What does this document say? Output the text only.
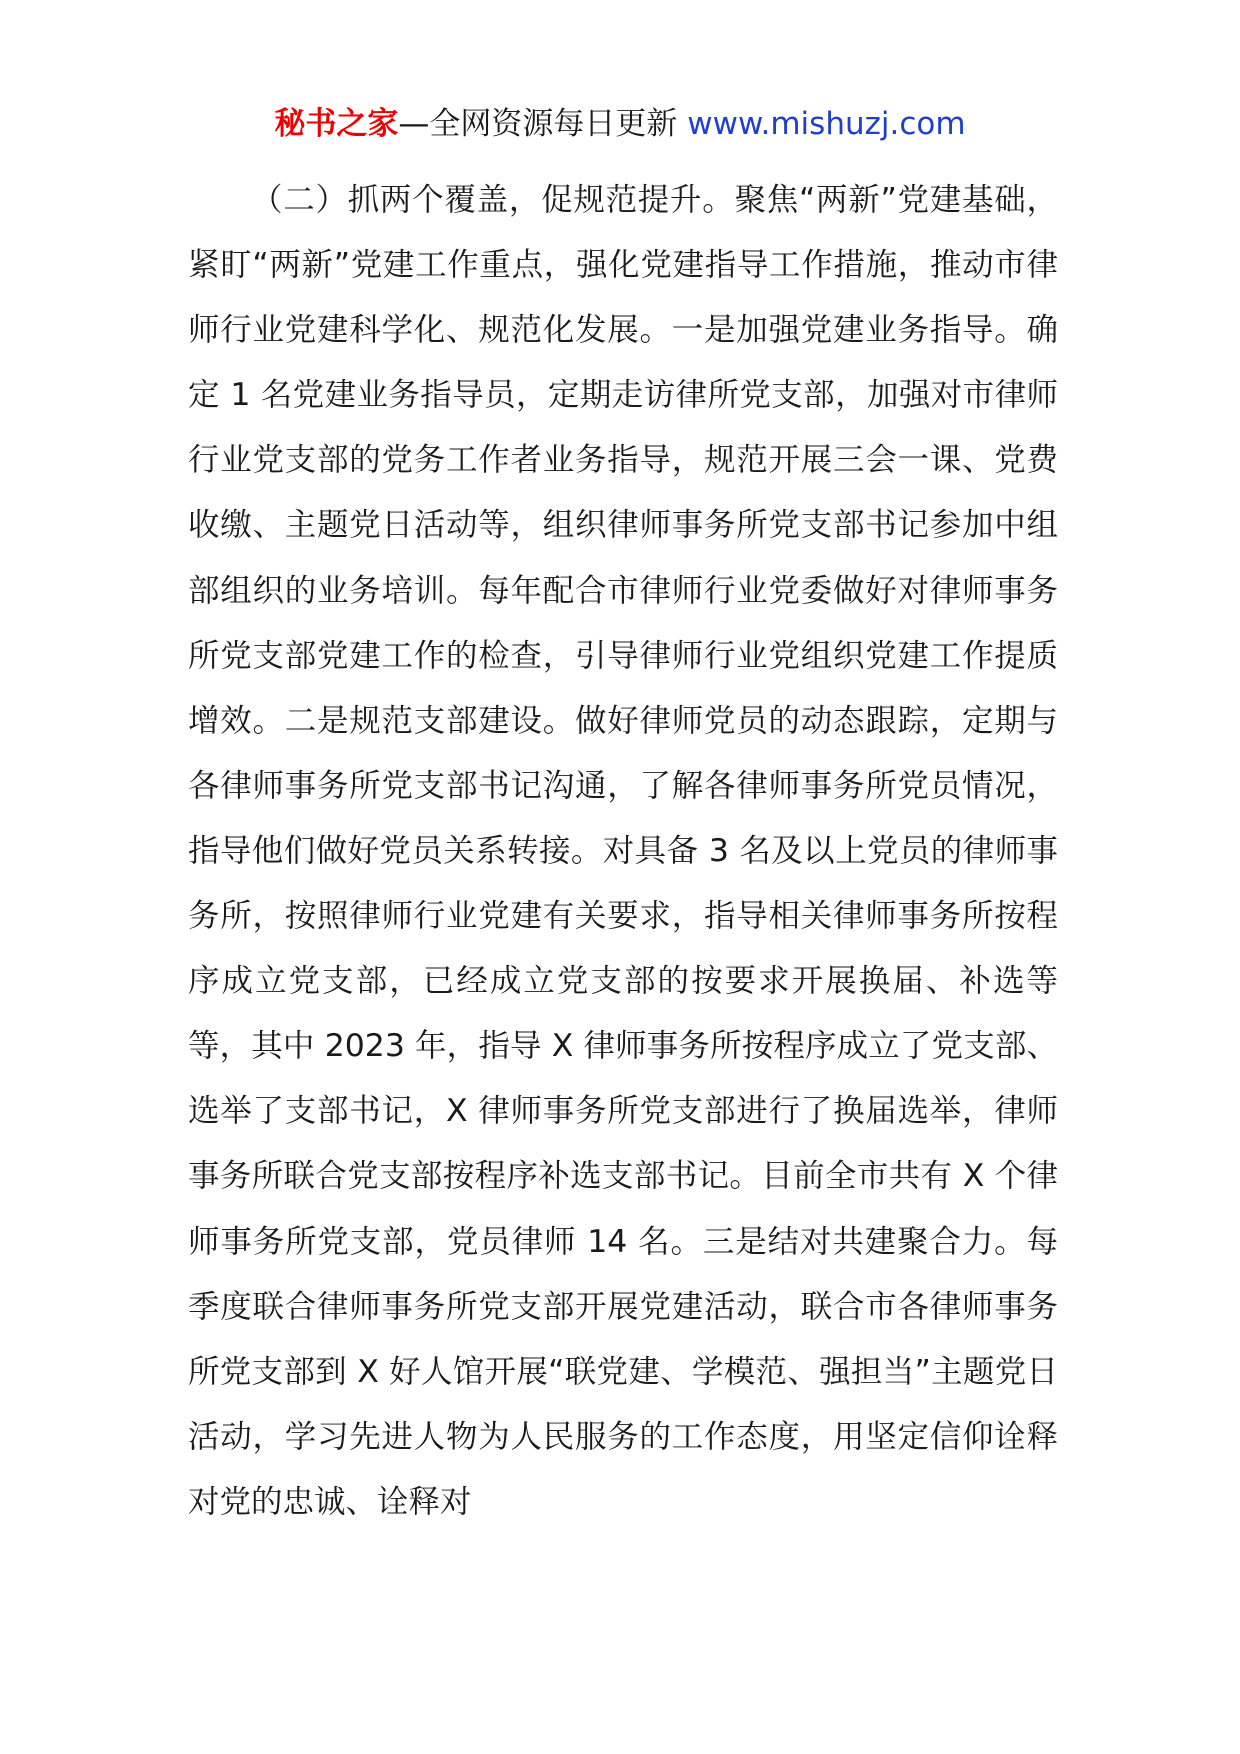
秘书之家—全网资源每日更新 www.mishuzj.com

（二）抓两个覆盖，促规范提升。聚焦“两新”党建基础，紧盯“两新”党建工作重点，强化党建指导工作措施，推动市律师行业党建科学化、规范化发展。一是加强党建业务指导。确定 1 名党建业务指导员，定期走访律所党支部，加强对市律师行业党支部的党务工作者业务指导，规范开展三会一课、党费收缴、主题党日活动等，组织律师事务所党支部书记参加中组部组织的业务培训。每年配合市律师行业党委做好对律师事务所党支部党建工作的检查，引导律师行业党组织党建工作提质增效。二是规范支部建设。做好律师党员的动态跟踪，定期与各律师事务所党支部书记沟通，了解各律师事务所党员情况，指导他们做好党员关系转接。对具备 3 名及以上党员的律师事务所，按照律师行业党建有关要求，指导相关律师事务所按程序成立党支部，已经成立党支部的按要求开展换届、补选等等，其中 2023 年，指导 X 律师事务所按程序成立了党支部、选举了支部书记，X 律师事务所党支部进行了换届选举，律师事务所联合党支部按程序补选支部书记。目前全市共有 X 个律师事务所党支部，党员律师 14 名。三是结对共建聚合力。每季度联合律师事务所党支部开展党建活动，联合市各律师事务所党支部到 X 好人馆开展“联党建、学模范、强担当”主题党日活动，学习先进人物为人民服务的工作态度，用坚定信仰诠释对党的忠诚、诠释对
